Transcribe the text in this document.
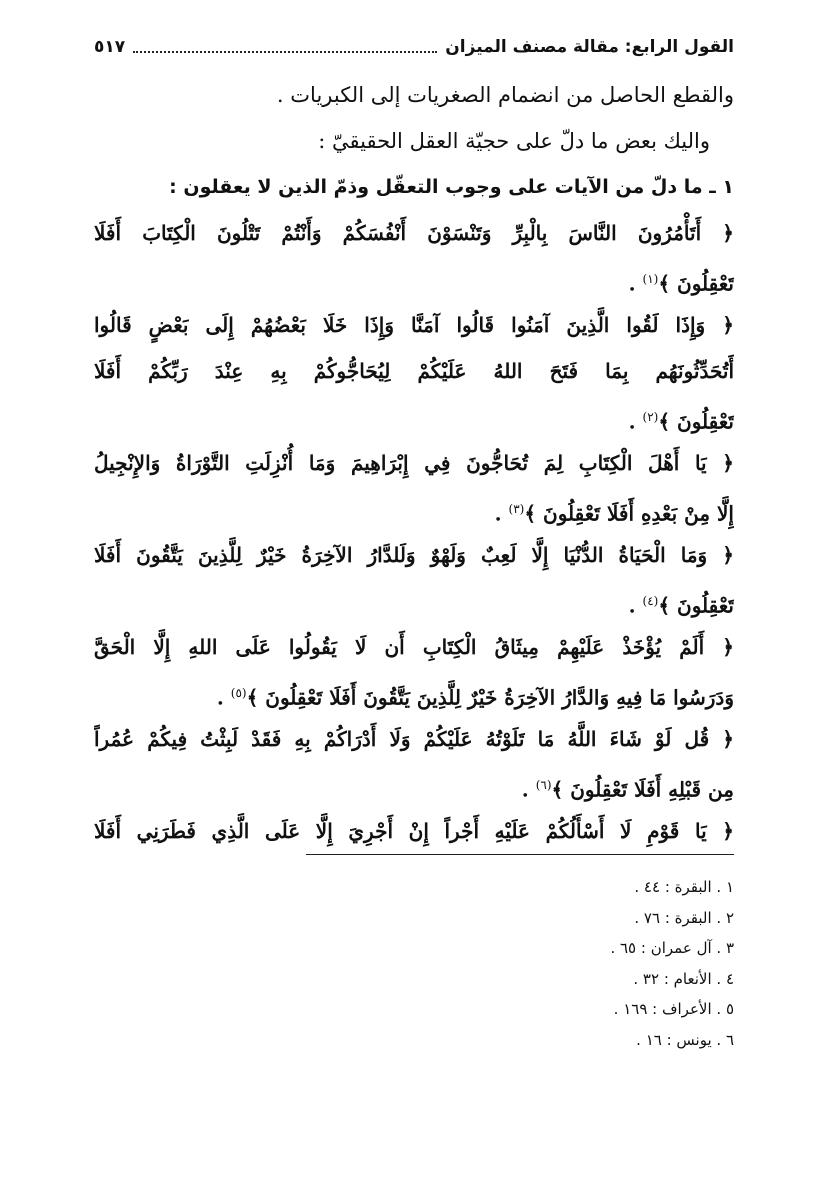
القول الرابع: مقالة مصنف الميزان
٥١٧
والقطع الحاصل من انضمام الصغريات إلى الكبريات .
واليك بعض ما دلّ على حجيّة العقل الحقيقيّ :
١ ـ ما دلّ من الآيات على وجوب التعقّل وذمّ الذين لا يعقلون :
﴿ أَتَأْمُرُونَ النَّاسَ بِالْبِرِّ وَتَنْسَوْنَ أَنْفُسَكُمْ وَأَنْتُمْ تَتْلُونَ الْكِتَابَ أَفَلَا
تَعْقِلُونَ ﴾$^{(١)}$ .
﴿ وَإِذَا لَقُوا الَّذِينَ آمَنُوا قَالُوا آمَنَّا وَإِذَا خَلَا بَعْضُهُمْ إِلَى بَعْضٍ قَالُوا
أَتُحَدِّثُونَهُم بِمَا فَتَحَ اللهُ عَلَيْكُمْ لِيُحَاجُّوكُمْ بِهِ عِنْدَ رَبِّكُمْ أَفَلَا
تَعْقِلُونَ ﴾$^{(٢)}$ .
﴿ يَا أَهْلَ الْكِتَابِ لِمَ تُحَاجُّونَ فِي إِبْرَاهِيمَ وَمَا أُنْزِلَتِ التَّوْرَاةُ وَالإِنْجِيلُ
إِلَّا مِنْ بَعْدِهِ أَفَلَا تَعْقِلُونَ ﴾$^{(٣)}$ .
﴿ وَمَا الْحَيَاةُ الدُّنْيَا إِلَّا لَعِبٌ وَلَهْوٌ وَلَلدَّارُ الآخِرَةُ خَيْرٌ لِلَّذِينَ يَتَّقُونَ أَفَلَا
تَعْقِلُونَ ﴾$^{(٤)}$ .
﴿ أَلَمْ يُؤْخَذْ عَلَيْهِمْ مِيثَاقُ الْكِتَابِ أَن لَا يَقُولُوا عَلَى اللهِ إِلَّا الْحَقَّ
وَدَرَسُوا مَا فِيهِ وَالدَّارُ الآخِرَةُ خَيْرٌ لِلَّذِينَ يَتَّقُونَ أَفَلَا تَعْقِلُونَ ﴾$^{(٥)}$ .
﴿ قُل لَوْ شَاءَ اللَّهُ مَا تَلَوْتُهُ عَلَيْكُمْ وَلَا أَدْرَاكُمْ بِهِ فَقَدْ لَبِثْتُ فِيكُمْ عُمُراً
مِن قَبْلِهِ أَفَلَا تَعْقِلُونَ ﴾$^{(٦)}$ .
﴿ يَا قَوْمِ لَا أَسْأَلُكُمْ عَلَيْهِ أَجْراً إِنْ أَجْرِيَ إِلَّا عَلَى الَّذِي فَطَرَنِي أَفَلَا
١ . البقرة : ٤٤ .
٢ . البقرة : ٧٦ .
٣ . آل عمران : ٦٥ .
٤ . الأنعام : ٣٢ .
٥ . الأعراف : ١٦٩ .
٦ . يونس : ١٦ .
